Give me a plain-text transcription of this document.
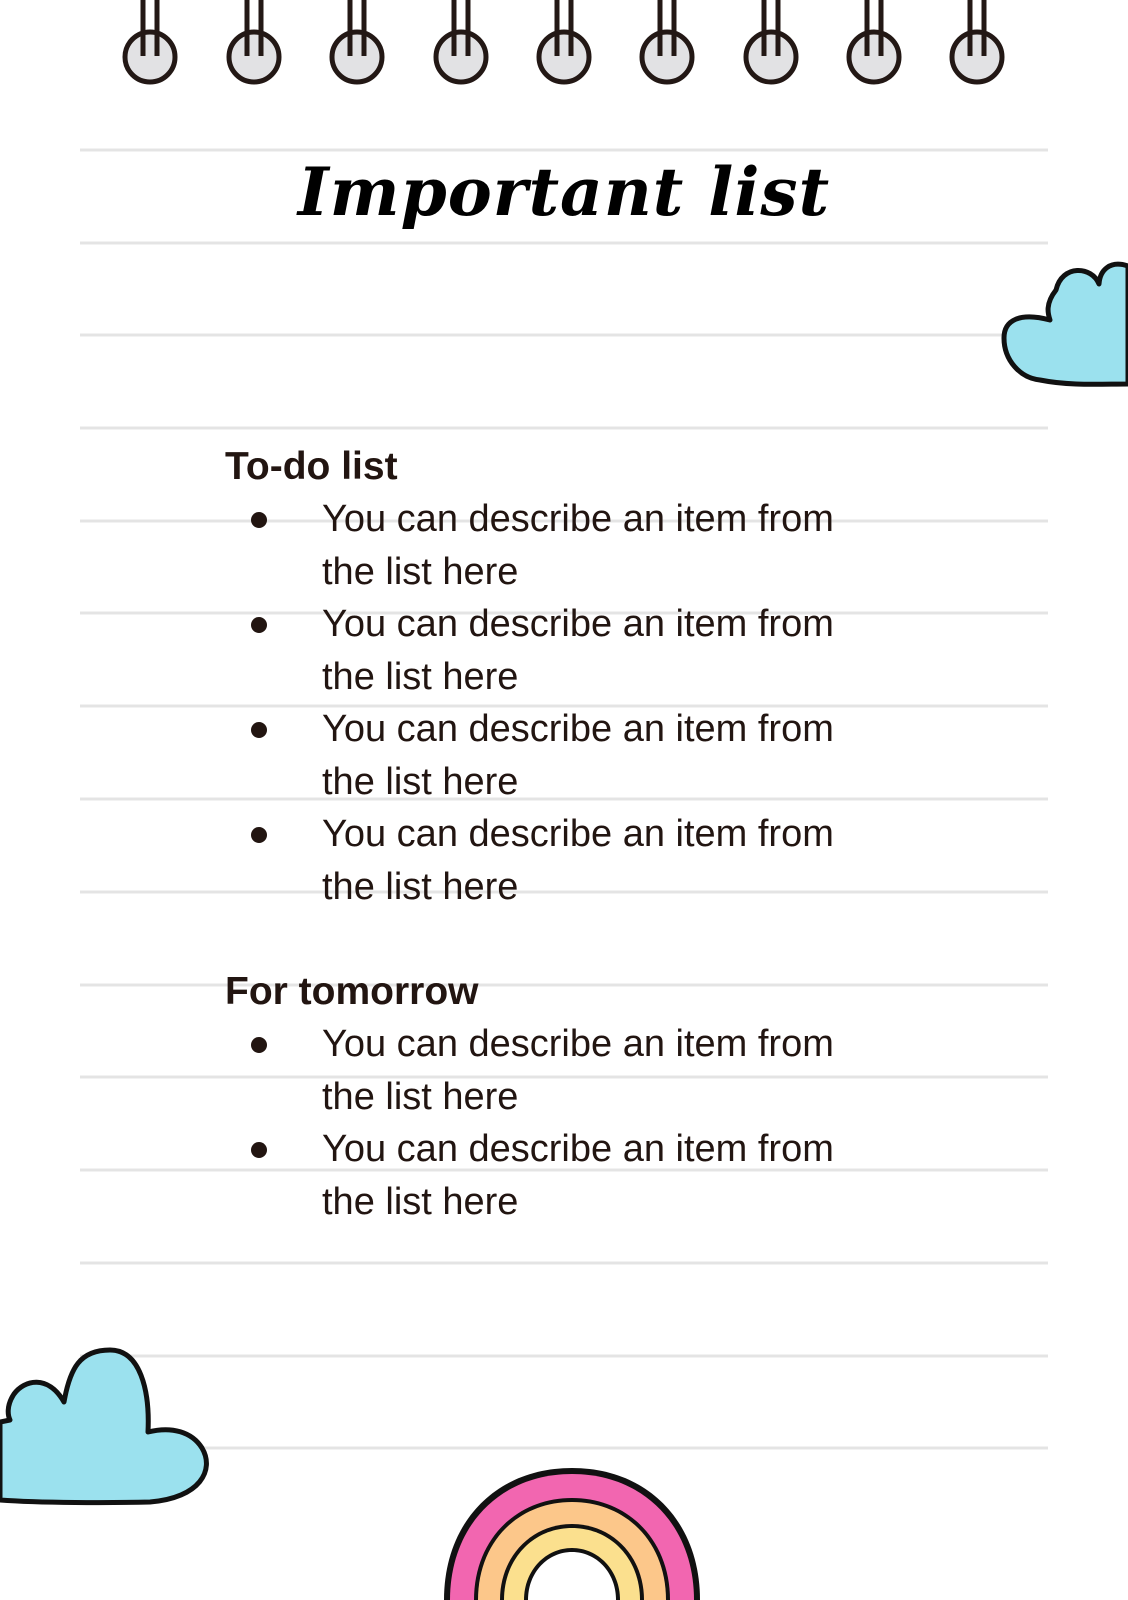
Important list
To-do list
You can describe an item from the list here
You can describe an item from the list here
You can describe an item from the list here
You can describe an item from the list here
For tomorrow
You can describe an item from the list here
You can describe an item from the list here
